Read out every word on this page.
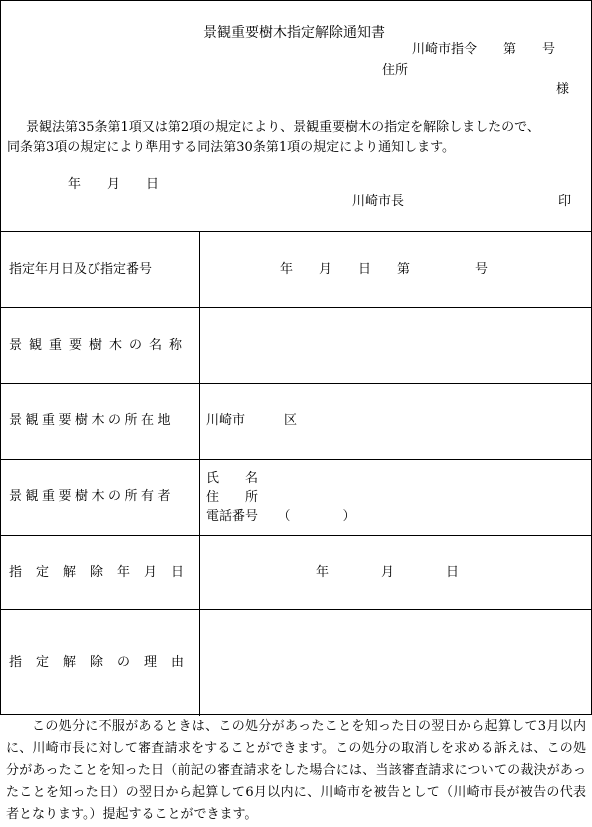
景観重要樹木指定解除通知書
川崎市指令　　第　　号
住所
様
景観法第35条第1項又は第2項の規定により、景観重要樹木の指定を解除しましたので、
同条第3項の規定により準用する同法第30条第1項の規定により通知します。
年　　月　　日
川崎市長	印
指定年月日及び指定番号	年　　月　　日　　第　　　　　号
景観重要樹木の名称
景観重要樹木の所在地	川崎市　　　区
景観重要樹木の所有者
氏　　名
住　　所
電話番号　　（　　　　）
指定解除年月日	年　　　　月　　　　日
指定解除の理由
この処分に不服があるときは、この処分があったことを知った日の翌日から起算して3月以内に、川崎市長に対して審査請求をすることができます。この処分の取消しを求める訴えは、この処分があったことを知った日（前記の審査請求をした場合には、当該審査請求についての裁決があったことを知った日）の翌日から起算して6月以内に、川崎市を被告として（川崎市長が被告の代表者となります。）提起することができます。
